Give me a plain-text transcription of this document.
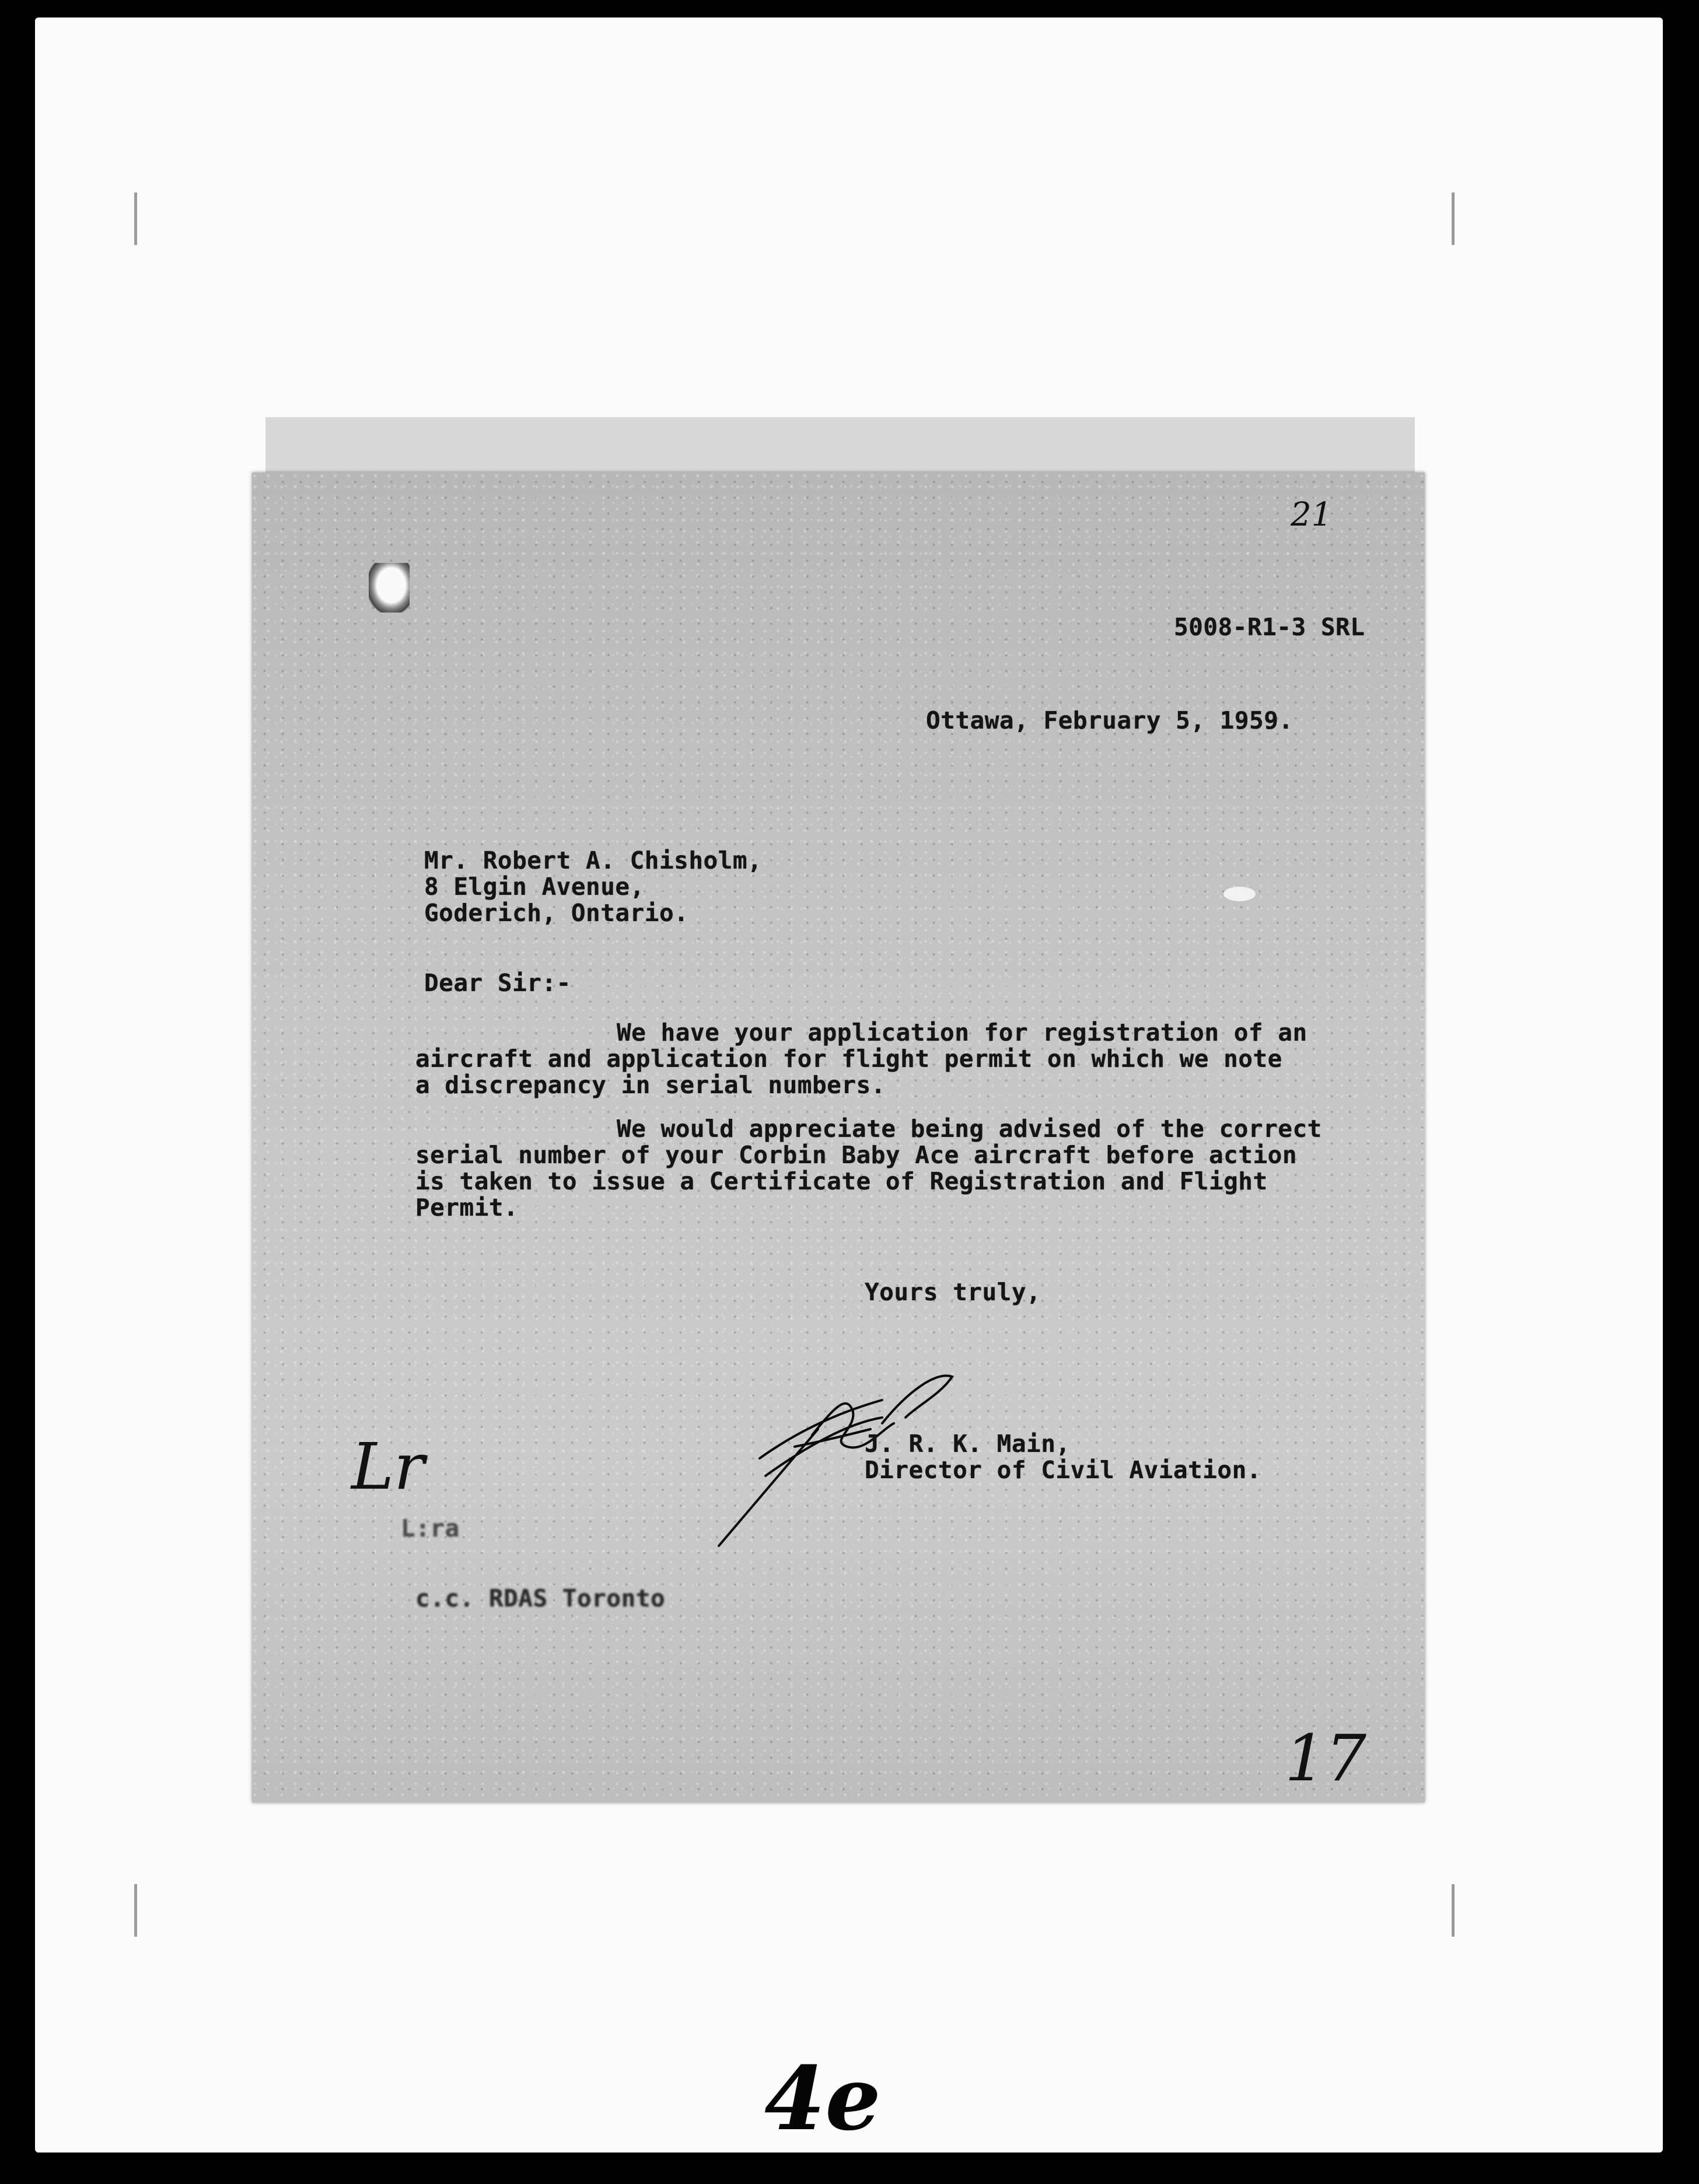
21
5008-R1-3 SRL
Ottawa, February 5, 1959.
Mr. Robert A. Chisholm,
8 Elgin Avenue,
Goderich, Ontario.
Dear Sir:-
We have your application for registration of an
aircraft and application for flight permit on which we note
a discrepancy in serial numbers.
We would appreciate being advised of the correct
serial number of your Corbin Baby Ace aircraft before action
is taken to issue a Certificate of Registration and Flight
Permit.
Yours truly,
J. R. K. Main,
Director of Civil Aviation.
Lr
L:ra
c.c. RDAS Toronto
17
4e
